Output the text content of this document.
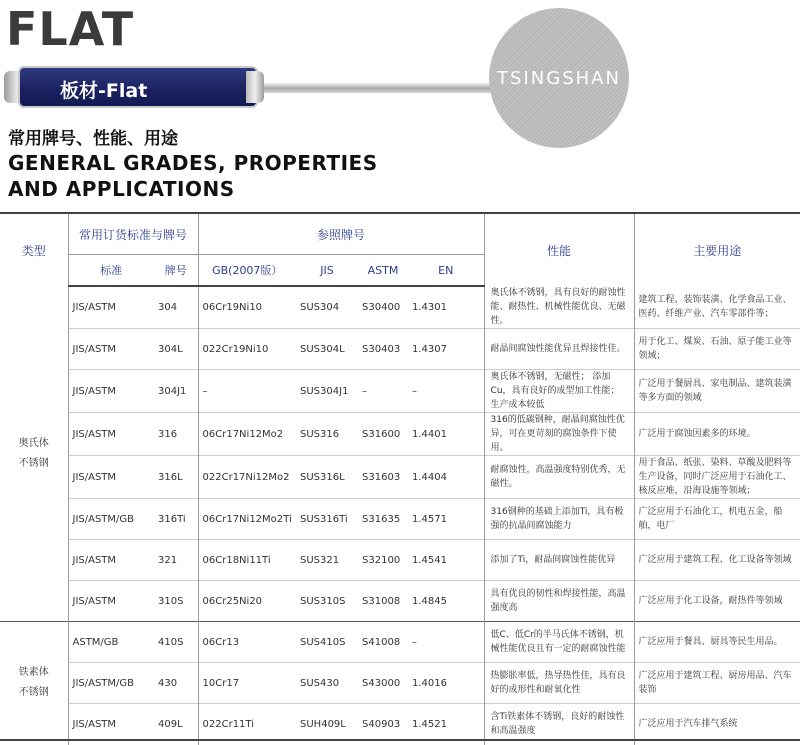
FLAT
板材-Flat
TSINGSHAN
常用牌号、性能、用途
GENERAL GRADES, PROPERTIES
AND APPLICATIONS
类型	常用订货标准与牌号		参照牌号				性能	主要用途
	标准	牌号	GB(2007版）	JIS	ASTM	EN		

奥氏体
不锈钢	JIS/ASTM	304	06Cr19Ni10	SUS304	S30400	1.4301	奥氏体不锈钢，具有良好的耐蚀性能、耐热性、机械性能优良、无磁性。	建筑工程、装饰装潢、化学食品工业、医药、纤维产业、汽车零部件等；
	JIS/ASTM	304L	022Cr19Ni10	SUS304L	S30403	1.4307	耐晶间腐蚀性能优异且焊接性佳。	用于化工、煤炭、石油、原子能工业等领域；
	JIS/ASTM	304J1	–	SUS304J1	–	–	奥氏体不锈钢，无磁性； 添加Cu，具有良好的成型加工性能；生产成本较低	广泛用于餐厨具、家电制品、建筑装潢等多方面的领域
	JIS/ASTM	316	06Cr17Ni12Mo2	SUS316	S31600	1.4401	316的低碳钢种，耐晶间腐蚀性优异，可在更苛刻的腐蚀条件下使用。	广泛用于腐蚀因素多的环境。
	JIS/ASTM	316L	022Cr17Ni12Mo2	SUS316L	S31603	1.4404	耐腐蚀性，高温强度特别优秀，无磁性。	用于食品、纸张、染料、草酸及肥料等生产设备，同时广泛应用于石油化工、核反应堆，沿海设施等领域；
	JIS/ASTM/GB	316Ti	06Cr17Ni12Mo2Ti	SUS316Ti	S31635	1.4571	316钢种的基础上添加Ti，具有极强的抗晶间腐蚀能力	广泛应用于石油化工，机电五金，船舶，电厂
	JIS/ASTM	321	06Cr18Ni11Ti	SUS321	S32100	1.4541	添加了Ti，耐晶间腐蚀性能优异	广泛应用于建筑工程、化工设备等领域
	JIS/ASTM	310S	06Cr25Ni20	SUS310S	S31008	1.4845	具有优良的韧性和焊接性能，高温强度高	广泛应用于化工设备，耐热件等领域

铁素体
不锈钢	ASTM/GB	410S	06Cr13	SUS410S	S41008	–	低C、低Cr的半马氏体不锈钢，机械性能优良且有一定的耐腐蚀性能	广泛应用于餐具、厨具等民生用品。
	JIS/ASTM/GB	430	10Cr17	SUS430	S43000	1.4016	热膨胀率低，热导热性佳，具有良好的成形性和耐氧化性	广泛应用于建筑工程、厨房用品、汽车装饰
	JIS/ASTM	409L	022Cr11Ti	SUH409L	S40903	1.4521	含Ti铁素体不锈钢，良好的耐蚀性和高温强度	广泛应用于汽车排气系统
